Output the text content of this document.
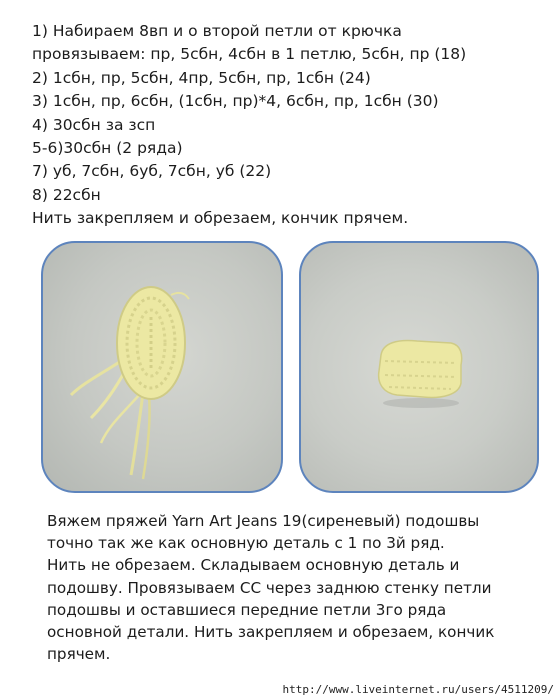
1) Набираем 8вп и о второй петли от крючка
провязываем: пр, 5сбн, 4сбн в 1 петлю, 5сбн, пр (18)
2) 1сбн, пр, 5сбн, 4пр, 5сбн, пр, 1сбн (24)
3) 1сбн, пр, 6сбн, (1сбн, пр)*4, 6сбн, пр, 1сбн (30)
4) 30сбн за зсп
5-6)30сбн (2 ряда)
7) уб, 7сбн, 6уб, 7сбн, уб (22)
8) 22сбн
Нить закрепляем и обрезаем, кончик прячем.
Вяжем пряжей Yarn Art Jeans 19(сиреневый) подошвы
точно так же как основную деталь с 1 по 3й ряд.
Нить не обрезаем. Складываем основную деталь и
подошву. Провязываем СС через заднюю стенку петли
подошвы и оставшиеся передние петли 3го ряда
основной детали. Нить закрепляем и обрезаем, кончик
прячем.
http://www.liveinternet.ru/users/4511209/
